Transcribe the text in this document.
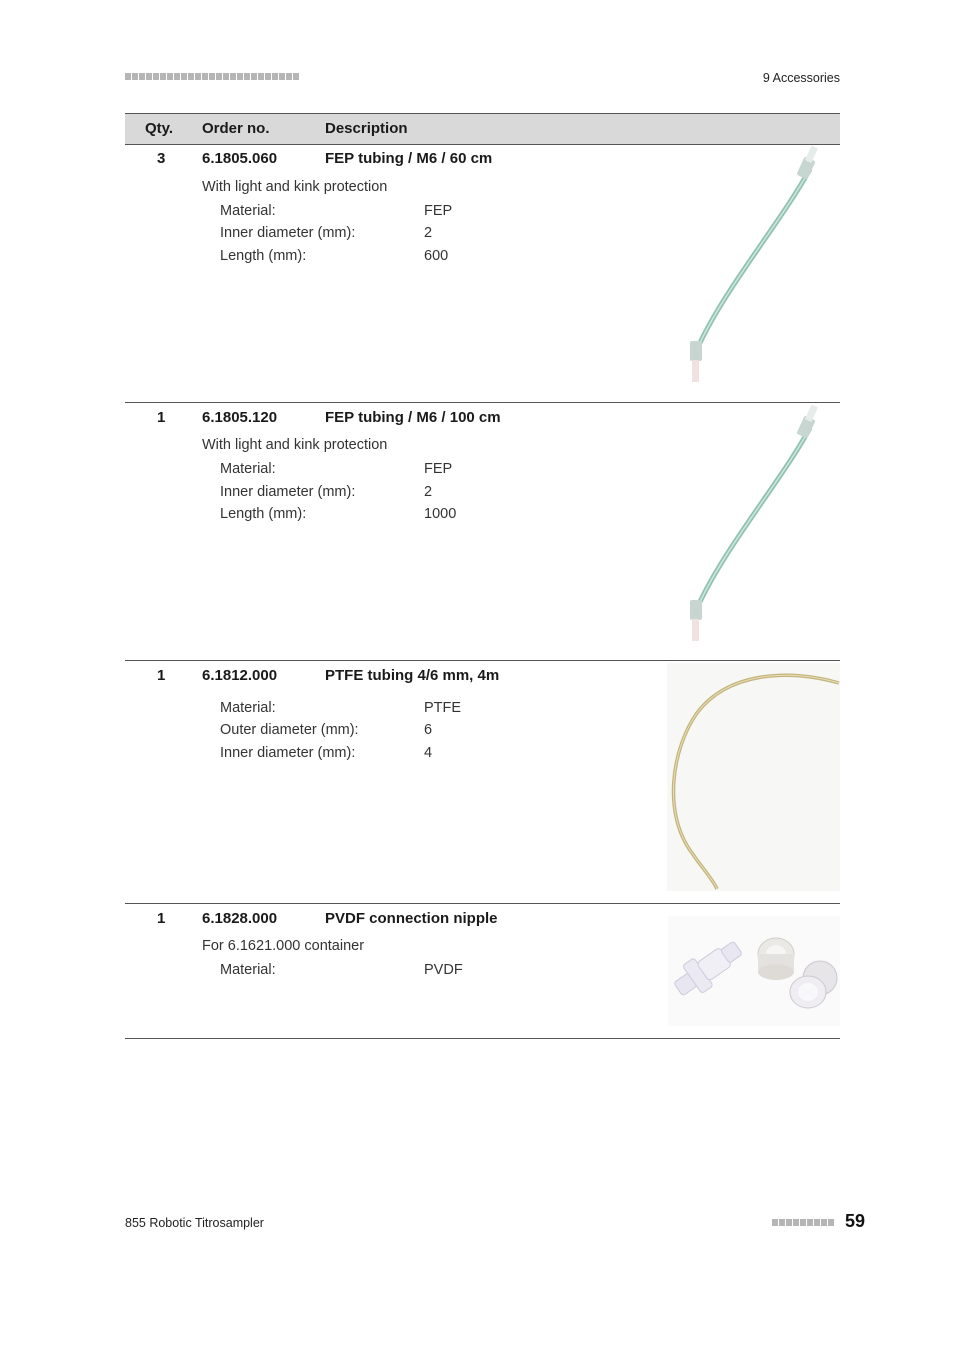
9 Accessories
Qty. Order no.	Description
3 6.1805.060	FEP tubing / M6 / 60 cm
With light and kink protection
Material:	FEP
Inner diameter (mm):	2
Length (mm):	600
1 6.1805.120	FEP tubing / M6 / 100 cm
With light and kink protection
Material:	FEP
Inner diameter (mm):	2
Length (mm):	1000
1 6.1812.000	PTFE tubing 4/6 mm, 4m
Material:	PTFE
Outer diameter (mm):	6
Inner diameter (mm):	4
1 6.1828.000	PVDF connection nipple
For 6.1621.000 container
Material:	PVDF
855 Robotic Titrosampler	59
